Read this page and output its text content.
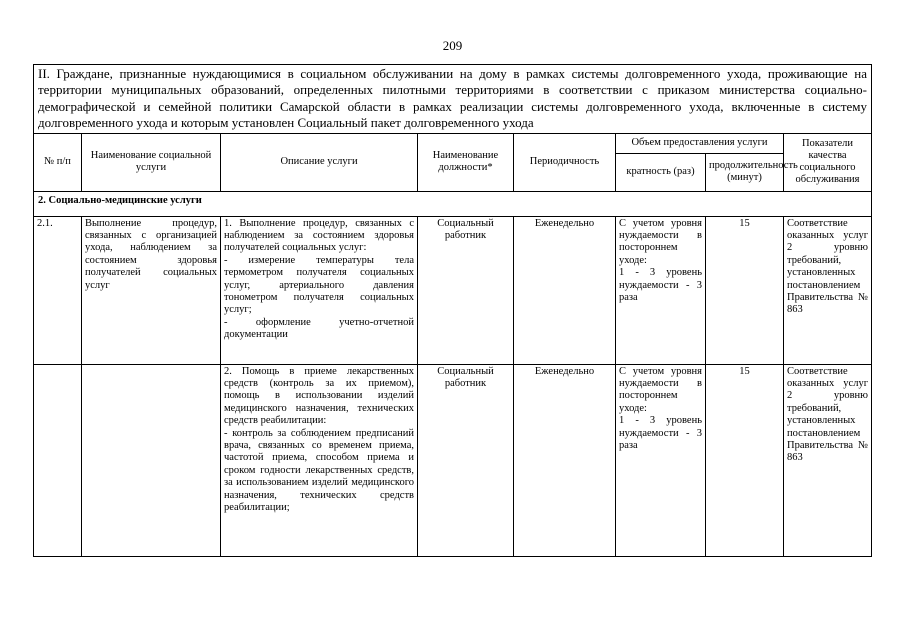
209
II. Граждане, признанные нуждающимися в социальном обслуживании на дому в рамках системы долговременного ухода, проживающие на территории муниципальных образований, определенных пилотными территориями в соответствии с приказом министерства социально-демографической и семейной политики Самарской области в рамках реализации системы долговременного ухода, включенные в систему долговременного ухода и которым установлен Социальный пакет долговременного ухода							
№ п/п	Наименование социальной услуги	Описание услуги	Наименование должности*	Периодичность	Объем предоставления услуги		Показатели качества социального обслуживания
					кратность (раз)	продолжительность (минут)	
2. Социально-медицинские услуги							
2.1.	Выполнение процедур, связанных с организацией ухода, наблюдением за состоянием здоровья получателей социальных услуг	1. Выполнение процедур, связанных с наблюдением за состоянием здоровья получателей социальных услуг:
- измерение температуры тела термометром получателя социальных услуг, артериального давления тонометром получателя социальных услуг;
- оформление учетно-отчетной документации	Социальный работник	Еженедельно	С учетом уровня нуждаемости в постороннем уходе:
1 - 3 уровень нуждаемости - 3 раза	15	Соответствие оказанных услуг 2 уровню требований, установленных постановлением Правительства № 863
		2. Помощь в приеме лекарственных средств (контроль за их приемом), помощь в использовании изделий медицинского назначения, технических средств реабилитации:
- контроль за соблюдением предписаний врача, связанных со временем приема, частотой приема, способом приема и сроком годности лекарственных средств, за использованием изделий медицинского назначения, технических средств реабилитации;	Социальный работник	Еженедельно	С учетом уровня нуждаемости в постороннем уходе:
1 - 3 уровень нуждаемости - 3 раза	15	Соответствие оказанных услуг 2 уровню требований, установленных постановлением Правительства № 863
